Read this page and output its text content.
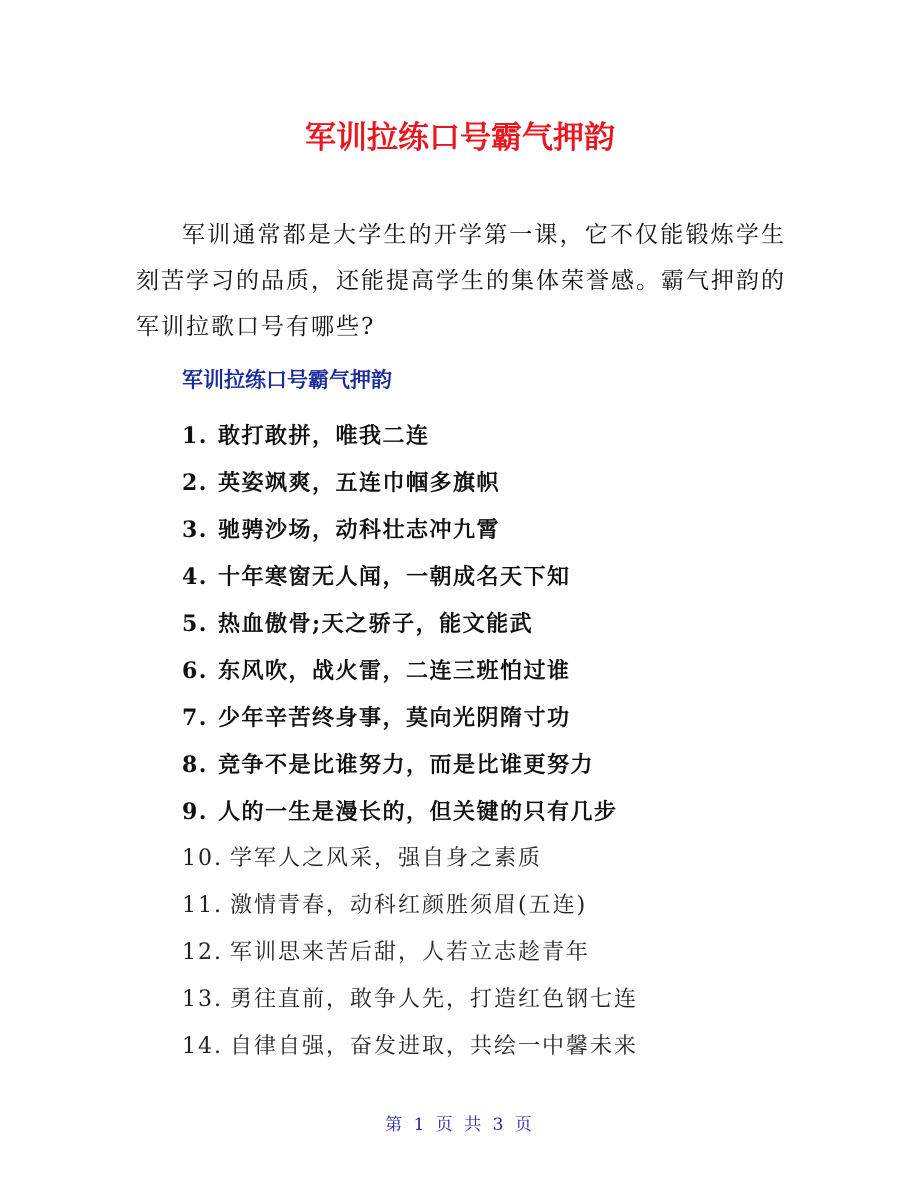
军训拉练口号霸气押韵

军训通常都是大学生的开学第一课，它不仅能锻炼学生刻苦学习的品质，还能提高学生的集体荣誉感。霸气押韵的军训拉歌口号有哪些?

军训拉练口号霸气押韵
1. 敢打敢拼，唯我二连
2. 英姿飒爽，五连巾帼多旗帜
3. 驰骋沙场，动科壮志冲九霄
4. 十年寒窗无人闻，一朝成名天下知
5. 热血傲骨;天之骄子，能文能武
6. 东风吹，战火雷，二连三班怕过谁
7. 少年辛苦终身事，莫向光阴隋寸功
8. 竞争不是比谁努力，而是比谁更努力
9. 人的一生是漫长的，但关键的只有几步
10. 学军人之风采，强自身之素质
11. 激情青春，动科红颜胜须眉(五连)
12. 军训思来苦后甜，人若立志趁青年
13. 勇往直前，敢争人先，打造红色钢七连
14. 自律自强，奋发进取，共绘一中馨未来
第 1 页 共 3 页
